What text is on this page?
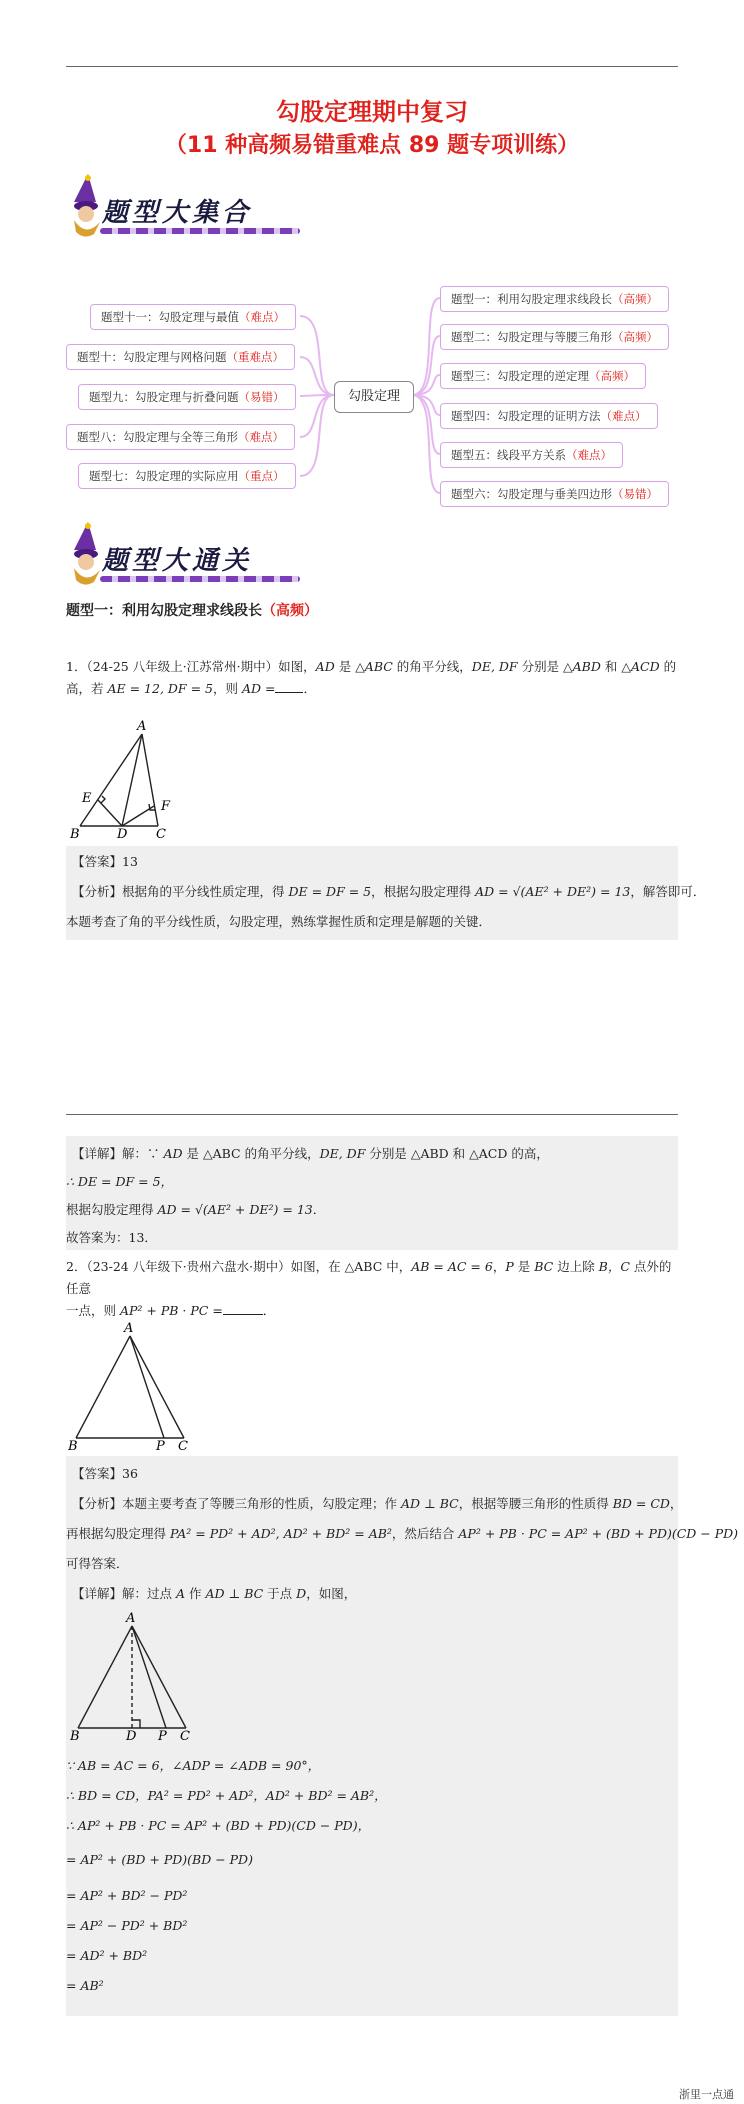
勾股定理期中复习
（11 种高频易错重难点 89 题专项训练）
题型大集合
勾股定理
题型十一：勾股定理与最值（难点）
题型十：勾股定理与网格问题（重难点）
题型九：勾股定理与折叠问题（易错）
题型八：勾股定理与全等三角形（难点）
题型七：勾股定理的实际应用（重点）
题型一：利用勾股定理求线段长（高频）
题型二：勾股定理与等腰三角形（高频）
题型三：勾股定理的逆定理（高频）
题型四：勾股定理的证明方法（难点）
题型五：线段平方关系（难点）
题型六：勾股定理与垂美四边形（易错）
题型大通关
题型一：利用勾股定理求线段长（高频）
1．（24-25 八年级上·江苏常州·期中）如图，AD 是 △ABC 的角平分线，DE, DF 分别是 △ABD 和 △ACD 的
高，若 AE = 12, DF = 5，则 AD = ．
A
E
F
B	D C
【答案】13
【分析】根据角的平分线性质定理，得 DE = DF = 5，根据勾股定理得 AD = √(AE² + DE²) = 13，解答即可．
本题考查了角的平分线性质，勾股定理，熟练掌握性质和定理是解题的关键．
【详解】解：∵ AD 是 △ABC 的角平分线，DE, DF 分别是 △ABD 和 △ACD 的高，
∴ DE = DF = 5，
根据勾股定理得 AD = √(AE² + DE²) = 13．
故答案为：13．
2．（23-24 八年级下·贵州六盘水·期中）如图，在 △ABC 中，AB = AC = 6，P 是 BC 边上除 B，C 点外的任意
一点，则 AP² + PB · PC =	．
A
B	P C
【答案】36
【分析】本题主要考查了等腰三角形的性质，勾股定理；作 AD ⊥ BC，根据等腰三角形的性质得 BD = CD，
再根据勾股定理得 PA² = PD² + AD², AD² + BD² = AB²，然后结合 AP² + PB · PC = AP² + (BD + PD)(CD − PD)
可得答案．
【详解】解：过点 A 作 AD ⊥ BC 于点 D，如图，
A
B	D P C
∵ AB = AC = 6，∠ADP = ∠ADB = 90°，
∴ BD = CD，PA² = PD² + AD²，AD² + BD² = AB²，
∴ AP² + PB · PC = AP² + (BD + PD)(CD − PD)，
= AP² + (BD + PD)(BD − PD)
= AP² + BD² − PD²
= AP² − PD² + BD²
= AD² + BD²
= AB²
浙里一点通
